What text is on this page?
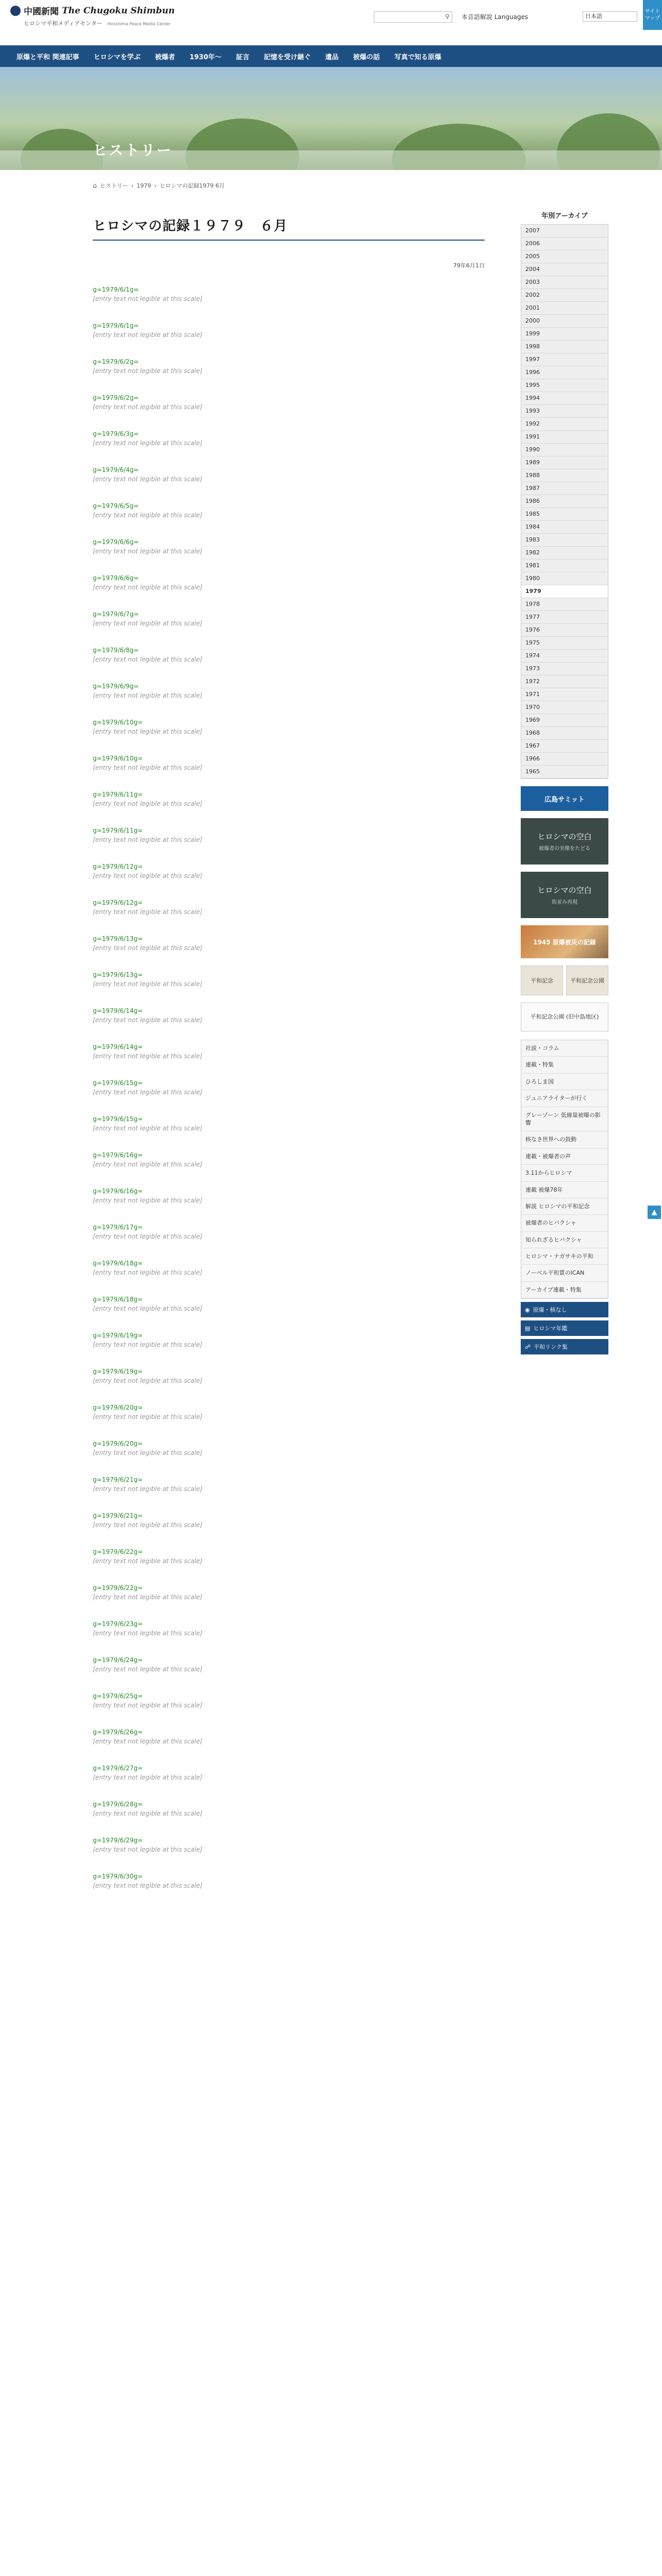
中國新聞 The Chugoku Shimbun
ヒロシマ平和メディアセンター Hiroshima Peace Media Center
⚲ 本音語解說 Languages	日本語
サイトマップ
原爆と平和 関連記事 ヒロシマを学ぶ 被爆者 1930年〜 証言 記憶を受け継ぐ 遺品 被爆の話 写真で知る原爆
ヒストリー
⌂ ヒストリー › 1979 › ヒロシマの記録1979 6月
ヒロシマの記録１９７９　６月
79年6月1日
g=1979/6/1g=
[entry text not legible at this scale]
g=1979/6/1g=
[entry text not legible at this scale]
g=1979/6/2g=
[entry text not legible at this scale]
g=1979/6/2g=
[entry text not legible at this scale]
g=1979/6/3g=
[entry text not legible at this scale]
g=1979/6/4g=
[entry text not legible at this scale]
g=1979/6/5g=
[entry text not legible at this scale]
g=1979/6/6g=
[entry text not legible at this scale]
g=1979/6/6g=
[entry text not legible at this scale]
g=1979/6/7g=
[entry text not legible at this scale]
g=1979/6/8g=
[entry text not legible at this scale]
g=1979/6/9g=
[entry text not legible at this scale]
g=1979/6/10g=
[entry text not legible at this scale]
g=1979/6/10g=
[entry text not legible at this scale]
g=1979/6/11g=
[entry text not legible at this scale]
g=1979/6/11g=
[entry text not legible at this scale]
g=1979/6/12g=
[entry text not legible at this scale]
g=1979/6/12g=
[entry text not legible at this scale]
g=1979/6/13g=
[entry text not legible at this scale]
g=1979/6/13g=
[entry text not legible at this scale]
g=1979/6/14g=
[entry text not legible at this scale]
g=1979/6/14g=
[entry text not legible at this scale]
g=1979/6/15g=
[entry text not legible at this scale]
g=1979/6/15g=
[entry text not legible at this scale]
g=1979/6/16g=
[entry text not legible at this scale]
g=1979/6/16g=
[entry text not legible at this scale]
g=1979/6/17g=
[entry text not legible at this scale]
g=1979/6/18g=
[entry text not legible at this scale]
g=1979/6/18g=
[entry text not legible at this scale]
g=1979/6/19g=
[entry text not legible at this scale]
g=1979/6/19g=
[entry text not legible at this scale]
g=1979/6/20g=
[entry text not legible at this scale]
g=1979/6/20g=
[entry text not legible at this scale]
g=1979/6/21g=
[entry text not legible at this scale]
g=1979/6/21g=
[entry text not legible at this scale]
g=1979/6/22g=
[entry text not legible at this scale]
g=1979/6/22g=
[entry text not legible at this scale]
g=1979/6/23g=
[entry text not legible at this scale]
g=1979/6/24g=
[entry text not legible at this scale]
g=1979/6/25g=
[entry text not legible at this scale]
g=1979/6/26g=
[entry text not legible at this scale]
g=1979/6/27g=
[entry text not legible at this scale]
g=1979/6/28g=
[entry text not legible at this scale]
g=1979/6/29g=
[entry text not legible at this scale]
g=1979/6/30g=
[entry text not legible at this scale]
年別アーカイブ
2007
2006
2005
2004
2003
2002
2001
2000
1999
1998
1997
1996
1995
1994
1993
1992
1991
1990
1989
1988
1987
1986
1985
1984
1983
1982
1981
1980
1979
1978
1977
1976
1975
1974
1973
1972
1971
1970
1969
1968
1967
1966
1965
広島サミット
ヒロシマの空白
被爆者の実像をたどる
ヒロシマの空白
街並み再現
1945 原爆被災の記録
平和記念	平和記念公園
平和記念公園 (旧中島地区)
社説・コラム
連載・特集
ひろしま国
ジュニアライターが行く
グレーゾーン 低線量被曝の影響
核なき世界への鼓動
連載・被爆者の声
3.11からヒロシマ
連載 被爆78年
解説 ヒロシマの平和記念
被爆者のヒバクシャ
知られざるヒバクシャ
ヒロシマ・ナガサキの平和
ノーベル平和賞のICAN
アーカイブ連載・特集
◉ 原爆・核なし
▤ ヒロシマ年鑑
☍ 平和リンク集
▲
